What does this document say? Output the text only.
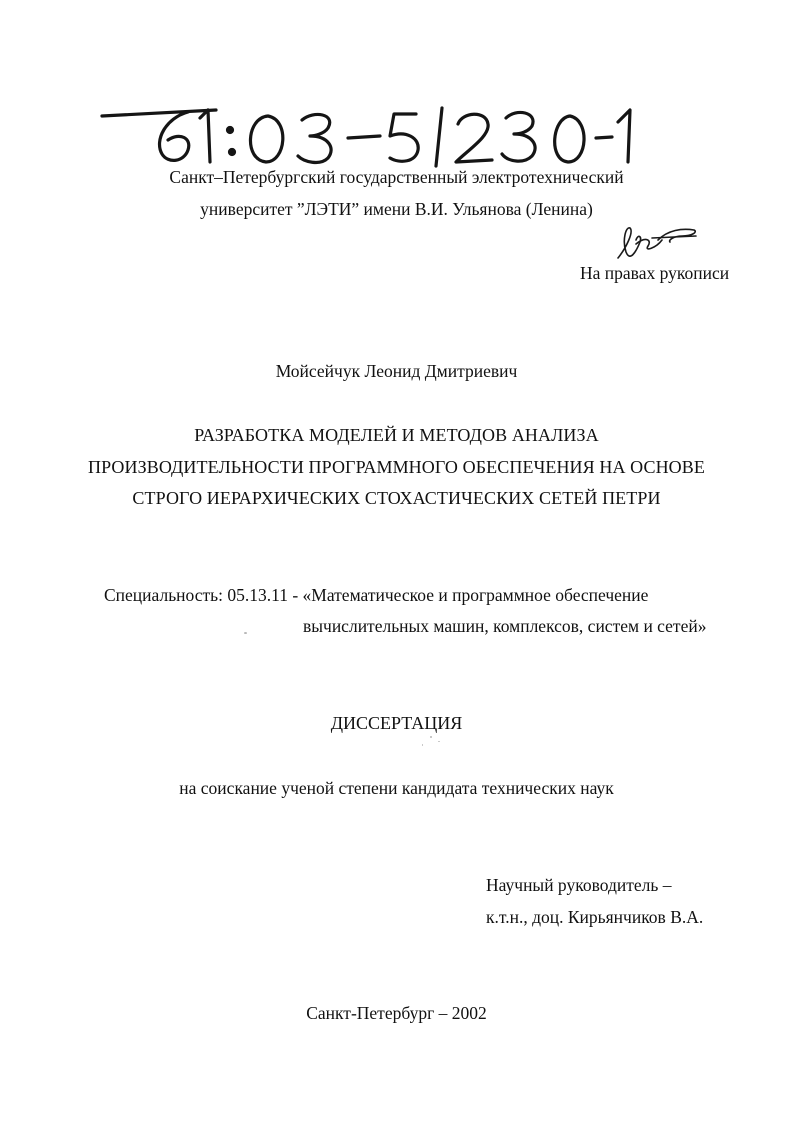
Санкт–Петербургский государственный электротехнический
университет ”ЛЭТИ” имени В.И. Ульянова (Ленина)
На правах рукописи
Мойсейчук Леонид Дмитриевич
РАЗРАБОТКА МОДЕЛЕЙ И МЕТОДОВ АНАЛИЗА
ПРОИЗВОДИТЕЛЬНОСТИ ПРОГРАММНОГО ОБЕСПЕЧЕНИЯ НА ОСНОВЕ
СТРОГО ИЕРАРХИЧЕСКИХ СТОХАСТИЧЕСКИХ СЕТЕЙ ПЕТРИ
Специальность: 05.13.11 - «Математическое и программное обеспечение
вычислительных машин, комплексов, систем и сетей»
ДИССЕРТАЦИЯ
на соискание ученой степени кандидата технических наук
Научный руководитель –
к.т.н., доц. Кирьянчиков В.А.
Санкт-Петербург – 2002
